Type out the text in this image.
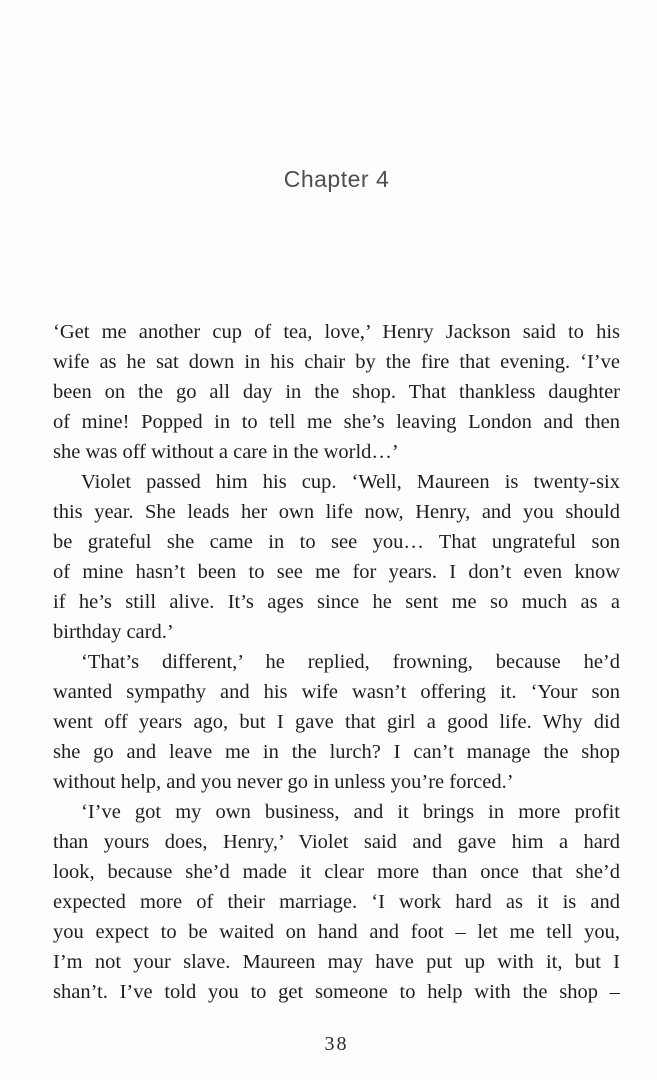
Chapter 4

‘Get me another cup of tea, love,’ Henry Jackson said to his
wife as he sat down in his chair by the fire that evening. ‘I’ve
been on the go all day in the shop. That thankless daughter
of mine! Popped in to tell me she’s leaving London and then
she was off without a care in the world…’

Violet passed him his cup. ‘Well, Maureen is twenty-six
this year. She leads her own life now, Henry, and you should
be grateful she came in to see you… That ungrateful son
of mine hasn’t been to see me for years. I don’t even know
if he’s still alive. It’s ages since he sent me so much as a
birthday card.’

‘That’s different,’ he replied, frowning, because he’d
wanted sympathy and his wife wasn’t offering it. ‘Your son
went off years ago, but I gave that girl a good life. Why did
she go and leave me in the lurch? I can’t manage the shop
without help, and you never go in unless you’re forced.’

‘I’ve got my own business, and it brings in more profit
than yours does, Henry,’ Violet said and gave him a hard
look, because she’d made it clear more than once that she’d
expected more of their marriage. ‘I work hard as it is and
you expect to be waited on hand and foot – let me tell you,
I’m not your slave. Maureen may have put up with it, but I
shan’t. I’ve told you to get someone to help with the shop –

38
